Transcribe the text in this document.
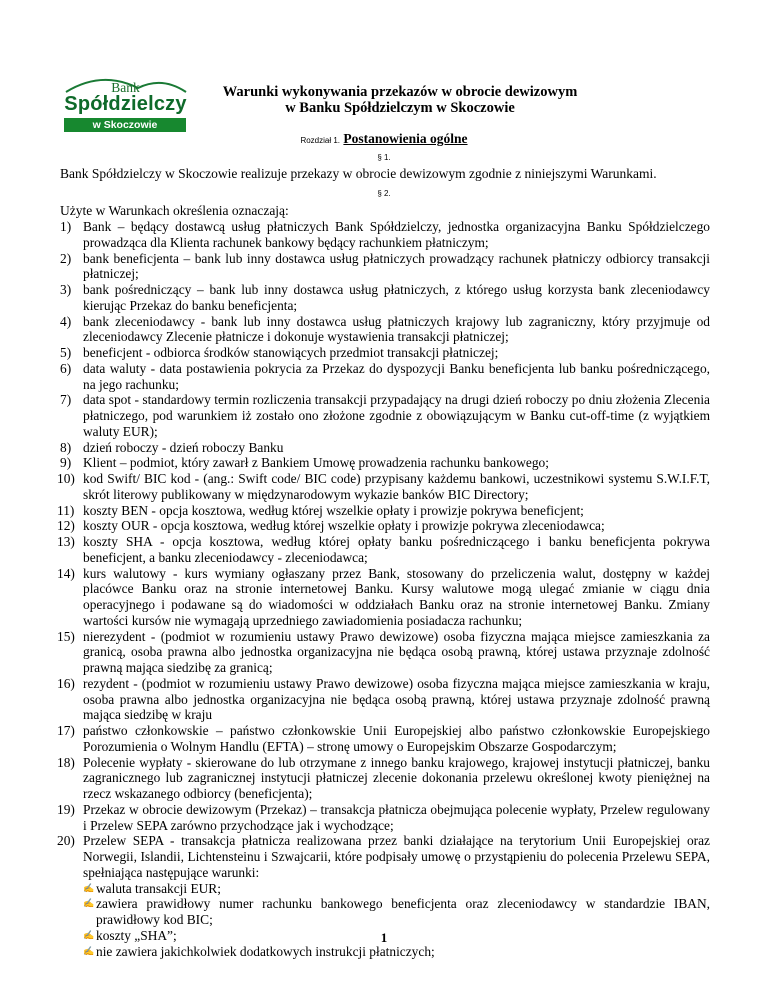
Bank
Spółdzielczy
w Skoczowie
Warunki wykonywania przekazów w obrocie dewizowym
w Banku Spółdzielczym w Skoczowie
Rozdział 1. Postanowienia ogólne
§ 1.
Bank Spółdzielczy w Skoczowie realizuje przekazy w obrocie dewizowym zgodnie z niniejszymi Warunkami.
§ 2.
Użyte w Warunkach określenia oznaczają:
1) Bank – będący dostawcą usług płatniczych Bank Spółdzielczy, jednostka organizacyjna Banku Spółdzielczego prowadząca dla Klienta rachunek bankowy będący rachunkiem płatniczym;
2) bank beneficjenta – bank lub inny dostawca usług płatniczych prowadzący rachunek płatniczy odbiorcy transakcji płatniczej;
3) bank pośredniczący – bank lub inny dostawca usług płatniczych, z którego usług korzysta bank zleceniodawcy kierując Przekaz do banku beneficjenta;
4) bank zleceniodawcy - bank lub inny dostawca usług płatniczych krajowy lub zagraniczny, który przyjmuje od zleceniodawcy Zlecenie płatnicze i dokonuje wystawienia transakcji płatniczej;
5) beneficjent - odbiorca środków stanowiących przedmiot transakcji płatniczej;
6) data waluty - data postawienia pokrycia za Przekaz do dyspozycji Banku beneficjenta lub banku pośredniczącego, na jego rachunku;
7) data spot - standardowy termin rozliczenia transakcji przypadający na drugi dzień roboczy po dniu złożenia Zlecenia płatniczego, pod warunkiem iż zostało ono złożone zgodnie z obowiązującym w Banku cut-off-time (z wyjątkiem waluty EUR);
8) dzień roboczy - dzień roboczy Banku
9) Klient – podmiot, który zawarł z Bankiem Umowę prowadzenia rachunku bankowego;
10) kod Swift/ BIC kod - (ang.: Swift code/ BIC code) przypisany każdemu bankowi, uczestnikowi systemu S.W.I.F.T, skrót literowy publikowany w międzynarodowym wykazie banków BIC Directory;
11) koszty BEN - opcja kosztowa, według której wszelkie opłaty i prowizje pokrywa beneficjent;
12) koszty OUR - opcja kosztowa, według której wszelkie opłaty i prowizje pokrywa zleceniodawca;
13) koszty SHA - opcja kosztowa, według której opłaty banku pośredniczącego i banku beneficjenta pokrywa beneficjent, a banku zleceniodawcy - zleceniodawca;
14) kurs walutowy - kurs wymiany ogłaszany przez Bank, stosowany do przeliczenia walut, dostępny w każdej placówce Banku oraz na stronie internetowej Banku. Kursy walutowe mogą ulegać zmianie w ciągu dnia operacyjnego i podawane są do wiadomości w oddziałach Banku oraz na stronie internetowej Banku. Zmiany wartości kursów nie wymagają uprzedniego zawiadomienia posiadacza rachunku;
15) nierezydent - (podmiot w rozumieniu ustawy Prawo dewizowe) osoba fizyczna mająca miejsce zamieszkania za granicą, osoba prawna albo jednostka organizacyjna nie będąca osobą prawną, której ustawa przyznaje zdolność prawną mająca siedzibę za granicą;
16) rezydent - (podmiot w rozumieniu ustawy Prawo dewizowe) osoba fizyczna mająca miejsce zamieszkania w kraju, osoba prawna albo jednostka organizacyjna nie będąca osobą prawną, której ustawa przyznaje zdolność prawną mająca siedzibę w kraju
17) państwo członkowskie – państwo członkowskie Unii Europejskiej albo państwo członkowskie Europejskiego Porozumienia o Wolnym Handlu (EFTA) – stronę umowy o Europejskim Obszarze Gospodarczym;
18) Polecenie wypłaty - skierowane do lub otrzymane z innego banku krajowego, krajowej instytucji płatniczej, banku zagranicznego lub zagranicznej instytucji płatniczej zlecenie dokonania przelewu określonej kwoty pieniężnej na rzecz wskazanego odbiorcy (beneficjenta);
19) Przekaz w obrocie dewizowym (Przekaz) – transakcja płatnicza obejmująca polecenie wypłaty, Przelew regulowany i Przelew SEPA zarówno przychodzące jak i wychodzące;
20) Przelew SEPA - transakcja płatnicza realizowana przez banki działające na terytorium Unii Europejskiej oraz Norwegii, Islandii, Lichtensteinu i Szwajcarii, które podpisały umowę o przystąpieniu do polecenia Przelewu SEPA, spełniająca następujące warunki:
✍ waluta transakcji EUR;
✍ zawiera prawidłowy numer rachunku bankowego beneficjenta oraz zleceniodawcy w standardzie IBAN, prawidłowy kod BIC;
✍ koszty „SHA”;
✍ nie zawiera jakichkolwiek dodatkowych instrukcji płatniczych;
1
